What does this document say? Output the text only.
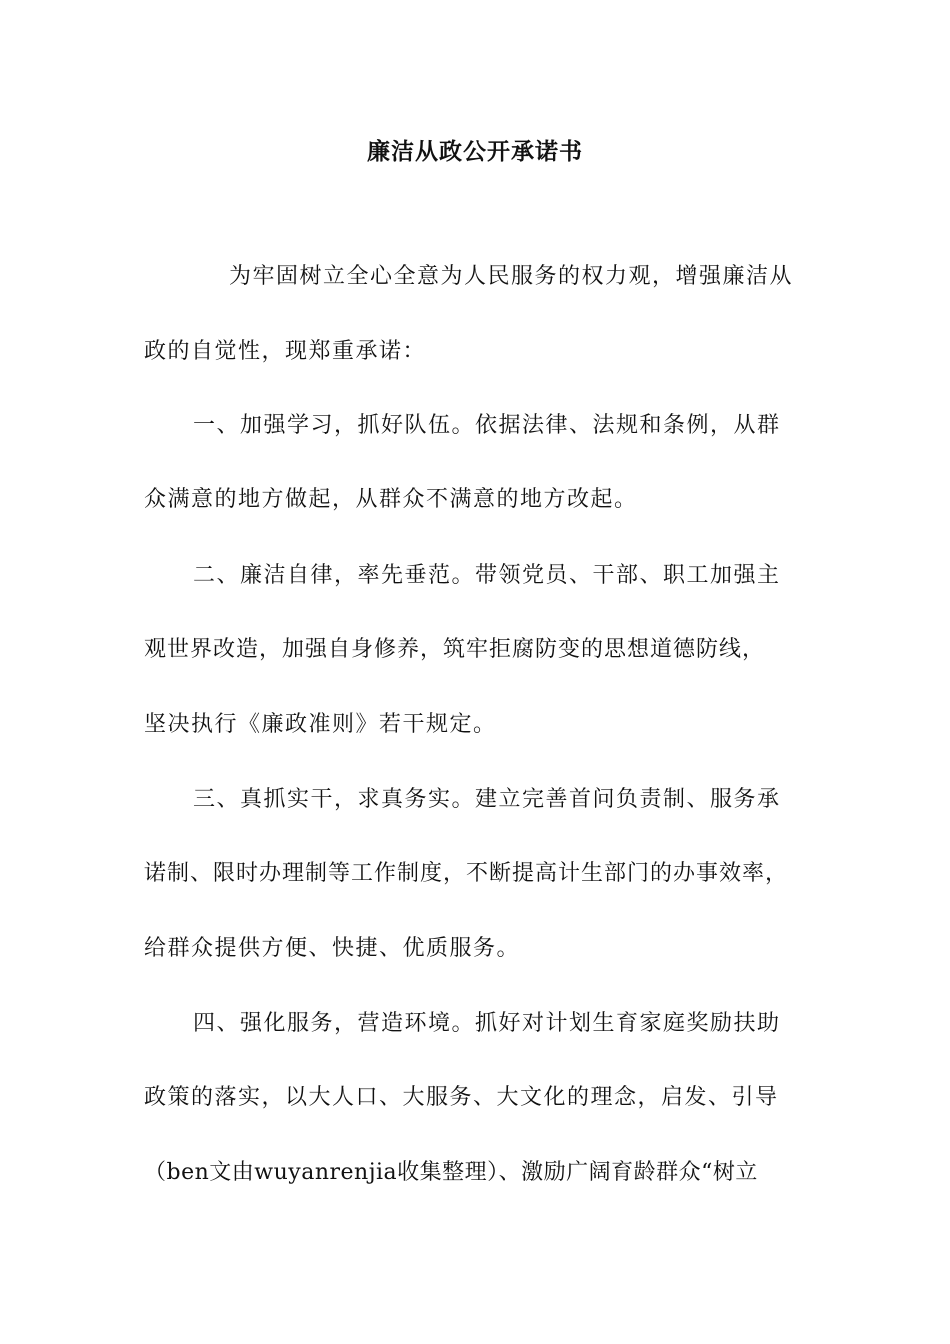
廉洁从政公开承诺书
为牢固树立全心全意为人民服务的权力观，增强廉洁从
政的自觉性，现郑重承诺：
一、加强学习，抓好队伍。依据法律、法规和条例，从群
众满意的地方做起，从群众不满意的地方改起。
二、廉洁自律，率先垂范。带领党员、干部、职工加强主
观世界改造，加强自身修养，筑牢拒腐防变的思想道德防线，
坚决执行《廉政准则》若干规定。
三、真抓实干，求真务实。建立完善首问负责制、服务承
诺制、限时办理制等工作制度，不断提高计生部门的办事效率，
给群众提供方便、快捷、优质服务。
四、强化服务，营造环境。抓好对计划生育家庭奖励扶助
政策的落实，以大人口、大服务、大文化的理念，启发、引导
（ben文由wuyanrenjia收集整理）、激励广阔育龄群众“树立
